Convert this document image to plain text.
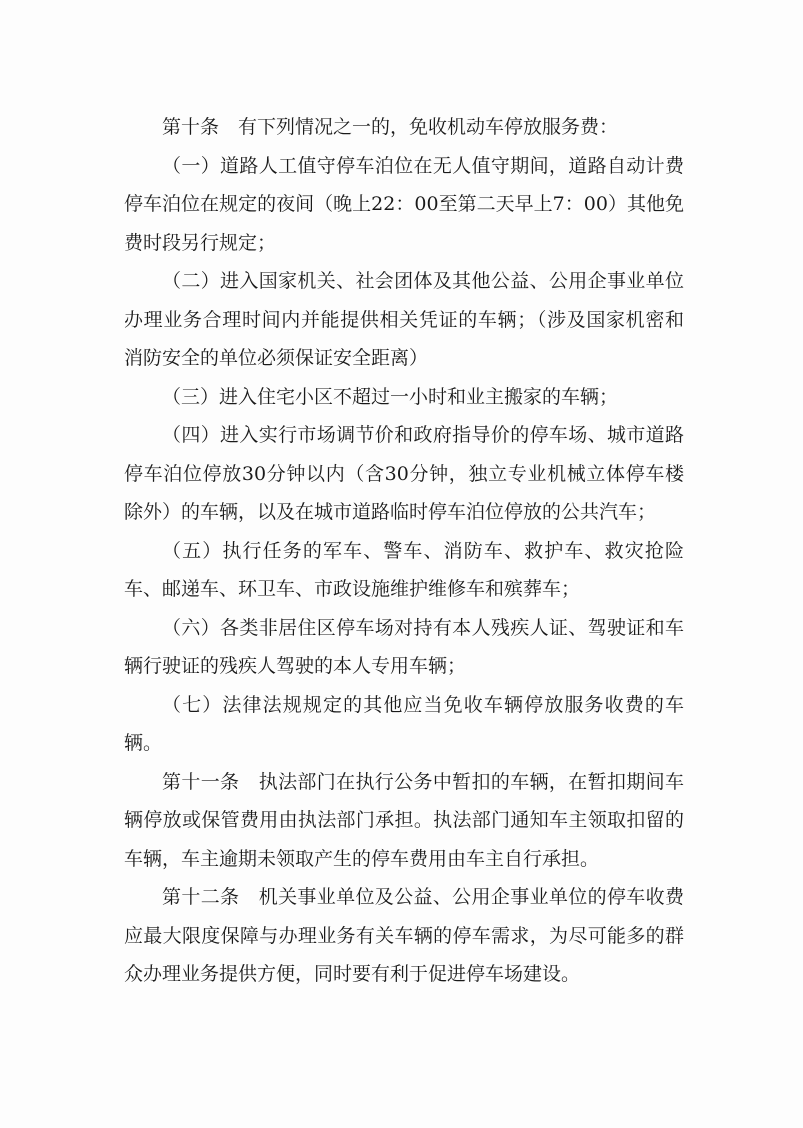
第十条　有下列情况之一的，免收机动车停放服务费：

（一）道路人工值守停车泊位在无人值守期间，道路自动计费停车泊位在规定的夜间（晚上22：00至第二天早上7：00）其他免费时段另行规定；

（二）进入国家机关、社会团体及其他公益、公用企事业单位办理业务合理时间内并能提供相关凭证的车辆；（涉及国家机密和消防安全的单位必须保证安全距离）

（三）进入住宅小区不超过一小时和业主搬家的车辆；

（四）进入实行市场调节价和政府指导价的停车场、城市道路停车泊位停放30分钟以内（含30分钟，独立专业机械立体停车楼除外）的车辆，以及在城市道路临时停车泊位停放的公共汽车；

（五）执行任务的军车、警车、消防车、救护车、救灾抢险车、邮递车、环卫车、市政设施维护维修车和殡葬车；

（六）各类非居住区停车场对持有本人残疾人证、驾驶证和车辆行驶证的残疾人驾驶的本人专用车辆；

（七）法律法规规定的其他应当免收车辆停放服务收费的车辆。

第十一条　执法部门在执行公务中暂扣的车辆，在暂扣期间车辆停放或保管费用由执法部门承担。执法部门通知车主领取扣留的车辆，车主逾期未领取产生的停车费用由车主自行承担。

第十二条　机关事业单位及公益、公用企事业单位的停车收费应最大限度保障与办理业务有关车辆的停车需求，为尽可能多的群众办理业务提供方便，同时要有利于促进停车场建设。
